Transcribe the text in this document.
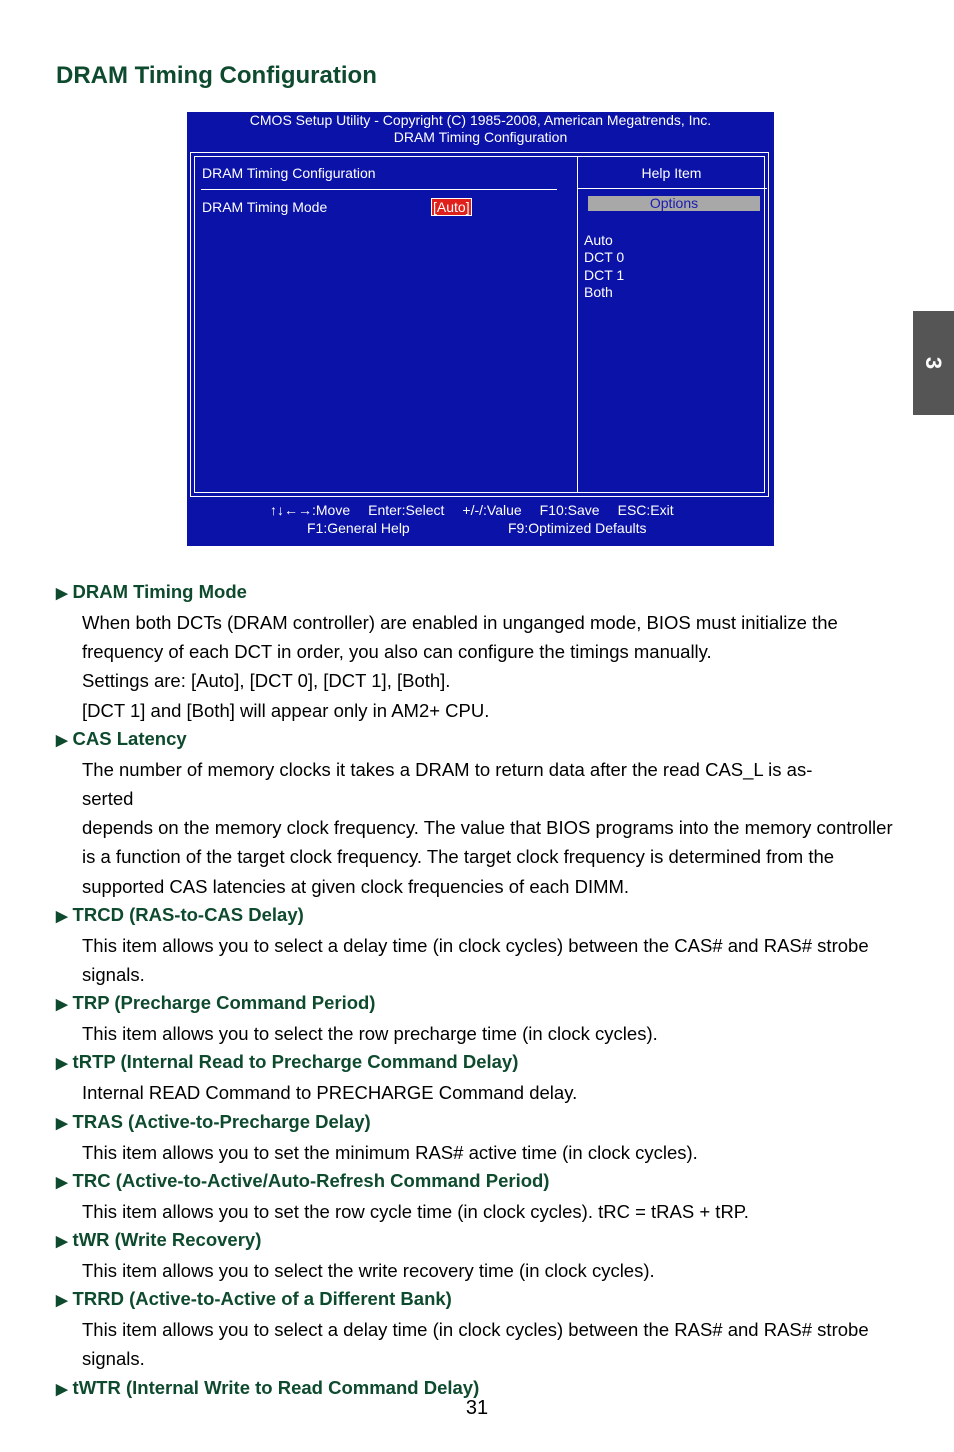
DRAM Timing Configuration
3
CMOS Setup Utility - Copyright (C) 1985-2008, American Megatrends, Inc.
DRAM Timing Configuration
DRAM Timing Configuration
DRAM Timing Mode	[Auto]
Help Item
Options
Auto
DCT 0
DCT 1
Both
↑↓←→:Move Enter:Select +/-/:Value F10:Save ESC:Exit
F1:General Help	F9:Optimized Defaults
▶ DRAM Timing Mode

When both DCTs (DRAM controller) are enabled in unganged mode, BIOS must initialize the frequency of each DCT in order, you also can configure the timings manually.

Settings are: [Auto], [DCT 0], [DCT 1], [Both].

[DCT 1] and [Both] will appear only in AM2+ CPU.

▶ CAS Latency

The number of memory clocks it takes a DRAM to return data after the read CAS_L is as-

serted

depends on the memory clock frequency. The value that BIOS programs into the memory controller is a function of the target clock frequency. The target clock frequency is determined from the supported CAS latencies at given clock frequencies of each DIMM.

▶ TRCD (RAS-to-CAS Delay)

This item allows you to select a delay time (in clock cycles) between the CAS# and RAS# strobe signals.

▶ TRP (Precharge Command Period)

This item allows you to select the row precharge time (in clock cycles).

▶ tRTP (Internal Read to Precharge Command Delay)

Internal READ Command to PRECHARGE Command delay.

▶ TRAS (Active-to-Precharge Delay)

This item allows you to set the minimum RAS# active time (in clock cycles).

▶ TRC (Active-to-Active/Auto-Refresh Command Period)

This item allows you to set the row cycle time (in clock cycles). tRC = tRAS + tRP.

▶ tWR (Write Recovery)

This item allows you to select the write recovery time (in clock cycles).

▶ TRRD (Active-to-Active of a Different Bank)

This item allows you to select a delay time (in clock cycles) between the RAS# and RAS# strobe signals.

▶ tWTR (Internal Write to Read Command Delay)
31
